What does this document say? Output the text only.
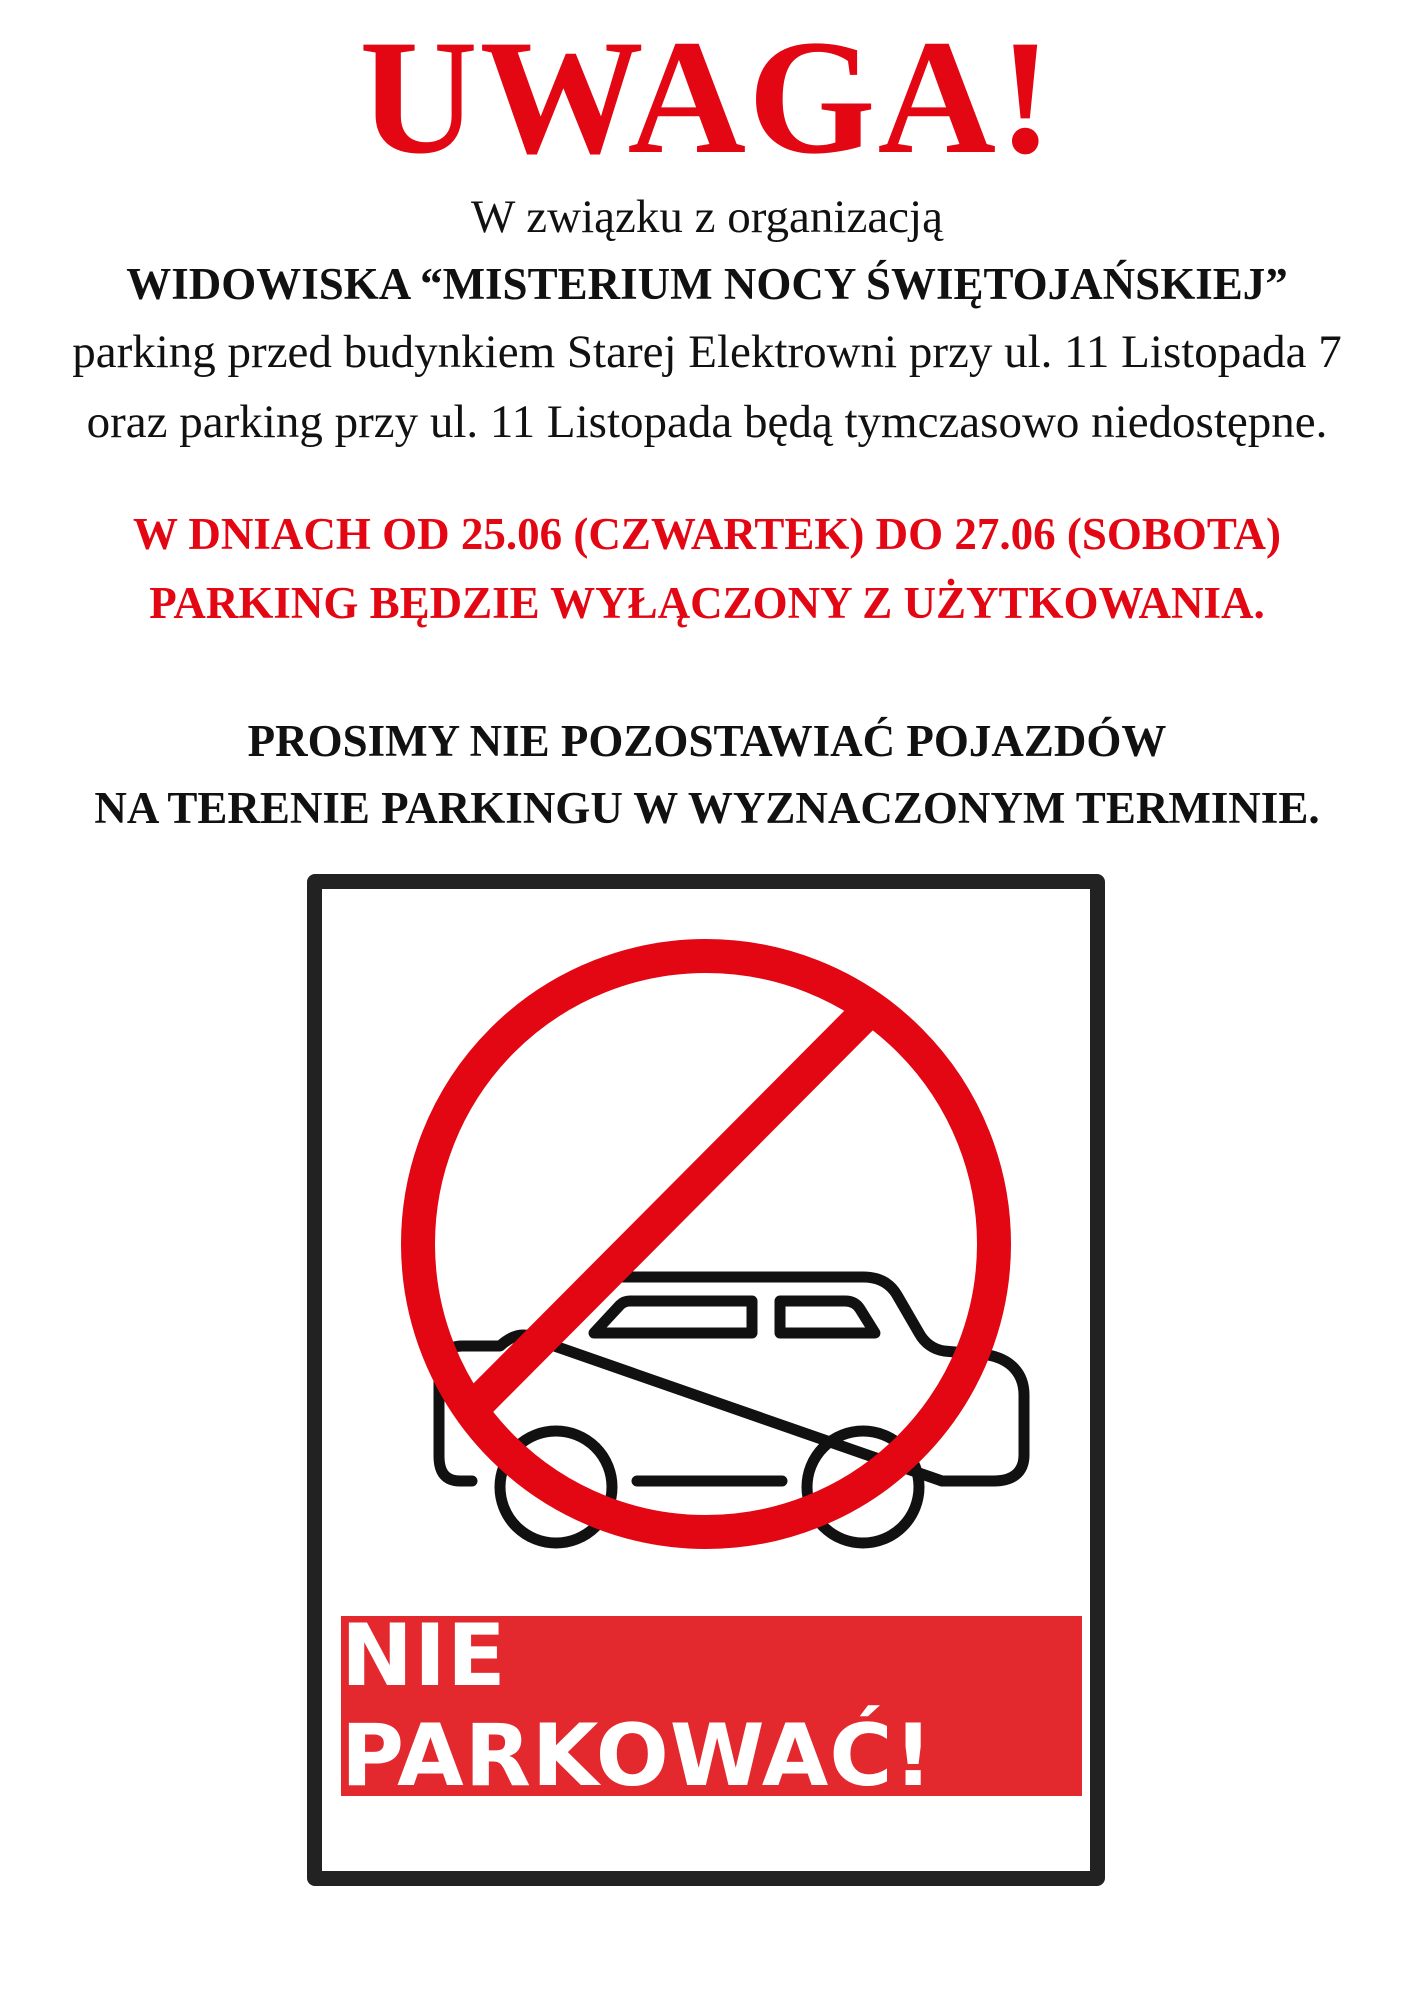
UWAGA!
W związku z organizacją
WIDOWISKA “MISTERIUM NOCY ŚWIĘTOJAŃSKIEJ”
parking przed budynkiem Starej Elektrowni przy ul. 11 Listopada 7
oraz parking przy ul. 11 Listopada będą tymczasowo niedostępne.
W DNIACH OD 25.06 (CZWARTEK) DO 27.06 (SOBOTA)
PARKING BĘDZIE WYŁĄCZONY Z UŻYTKOWANIA.
PROSIMY NIE POZOSTAWIAĆ POJAZDÓW
NA TERENIE PARKINGU W WYZNACZONYM TERMINIE.
NIE PARKOWAĆ!
